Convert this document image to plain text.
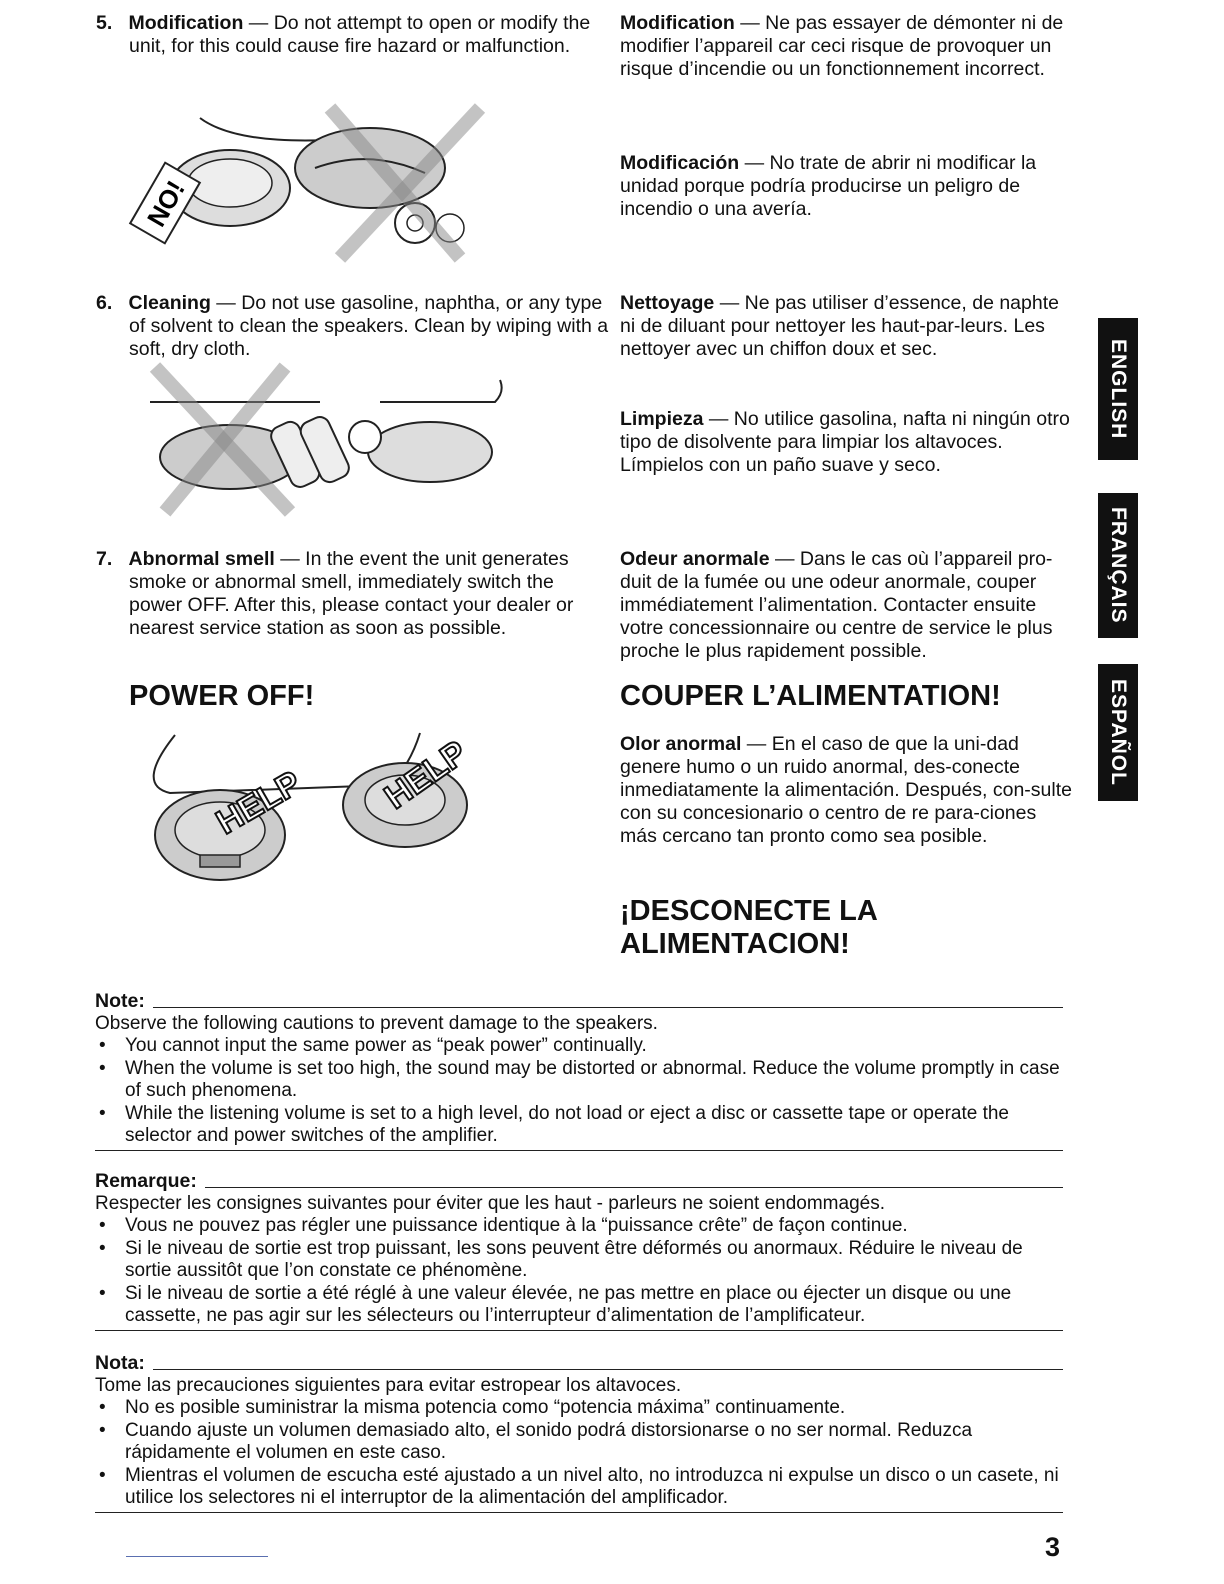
5. Modification — Do not attempt to open or modify the unit, for this could cause fire hazard or malfunction.
Modification — Ne pas essayer de démonter ni de modifier l’appareil car ceci risque de provoquer un risque d’incendie ou un fonctionnement incorrect.
Modificación — No trate de abrir ni modificar la unidad porque podría producirse un peligro de incendio o una avería.
NO!
6. Cleaning — Do not use gasoline, naphtha, or any type of solvent to clean the speakers. Clean by wiping with a soft, dry cloth.
Nettoyage — Ne pas utiliser d’essence, de naphte ni de diluant pour nettoyer les haut-par-leurs. Les nettoyer avec un chiffon doux et sec.
Limpieza — No utilice gasolina, nafta ni ningún otro tipo de disolvente para limpiar los altavoces. Límpielos con un paño suave y seco.
7. Abnormal smell — In the event the unit generates smoke or abnormal smell, immediately switch the power OFF. After this, please contact your dealer or nearest service station as soon as possible.
Odeur anormale — Dans le cas où l’appareil pro-duit de la fumée ou une odeur anormale, couper immédiatement l’alimentation. Contacter ensuite votre concessionnaire ou centre de service le plus proche le plus rapidement possible.
POWER OFF!	COUPER L’ALIMENTATION!
Olor anormal — En el caso de que la uni-dad genere humo o un ruido anormal, des-conecte inmediatamente la alimentación. Después, con-sulte con su concesionario o centro de re para-ciones más cercano tan pronto como sea posible.
¡DESCONECTE LA
ALIMENTACION!
HELP HELP
ENGLISH
FRANÇAIS
ESPAÑOL
Note:

Observe the following cautions to prevent damage to the speakers.

• You cannot input the same power as “peak power” continually.
• When the volume is set too high, the sound may be distorted or abnormal. Reduce the volume promptly in case of such phenomena.
• While the listening volume is set to a high level, do not load or eject a disc or cassette tape or operate the selector and power switches of the amplifier.
Remarque:

Respecter les consignes suivantes pour éviter que les haut - parleurs ne soient endommagés.

• Vous ne pouvez pas régler une puissance identique à la “puissance crête” de façon continue.
• Si le niveau de sortie est trop puissant, les sons peuvent être déformés ou anormaux. Réduire le niveau de sortie aussitôt que l’on constate ce phénomène.
• Si le niveau de sortie a été réglé à une valeur élevée, ne pas mettre en place ou éjecter un disque ou une cassette, ne pas agir sur les sélecteurs ou l’interrupteur d’alimentation de l’amplificateur.
Nota:

Tome las precauciones siguientes para evitar estropear los altavoces.

• No es posible suministrar la misma potencia como “potencia máxima” continuamente.
• Cuando ajuste un volumen demasiado alto, el sonido podrá distorsionarse o no ser normal. Reduzca rápidamente el volumen en este caso.
• Mientras el volumen de escucha esté ajustado a un nivel alto, no introduzca ni expulse un disco o un casete, ni utilice los selectores ni el interruptor de la alimentación del amplificador.
3
